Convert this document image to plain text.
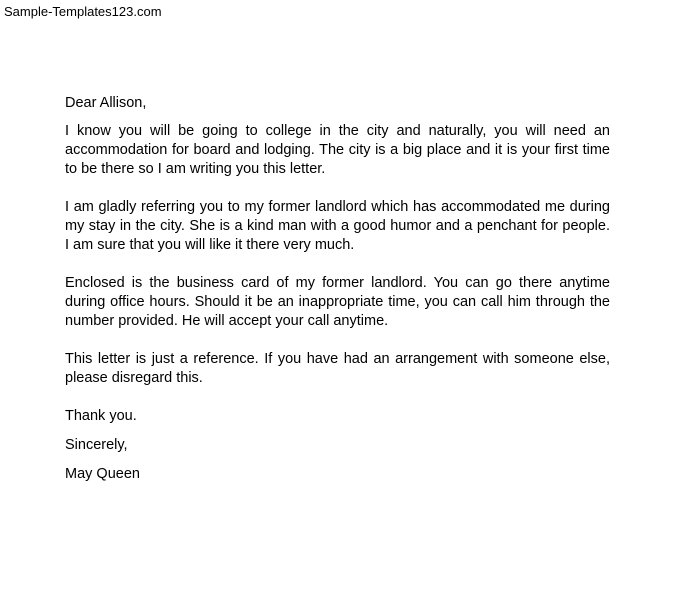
Sample-Templates123.com

Dear Allison,

I know you will be going to college in the city and naturally, you will need an accommodation for board and lodging. The city is a big place and it is your first time to be there so I am writing you this letter.

I am gladly referring you to my former landlord which has accommodated me during my stay in the city. She is a kind man with a good humor and a penchant for people. I am sure that you will like it there very much.

Enclosed is the business card of my former landlord. You can go there anytime during office hours. Should it be an inappropriate time, you can call him through the number provided. He will accept your call anytime.

This letter is just a reference. If you have had an arrangement with someone else, please disregard this.

Thank you.

Sincerely,

May Queen
